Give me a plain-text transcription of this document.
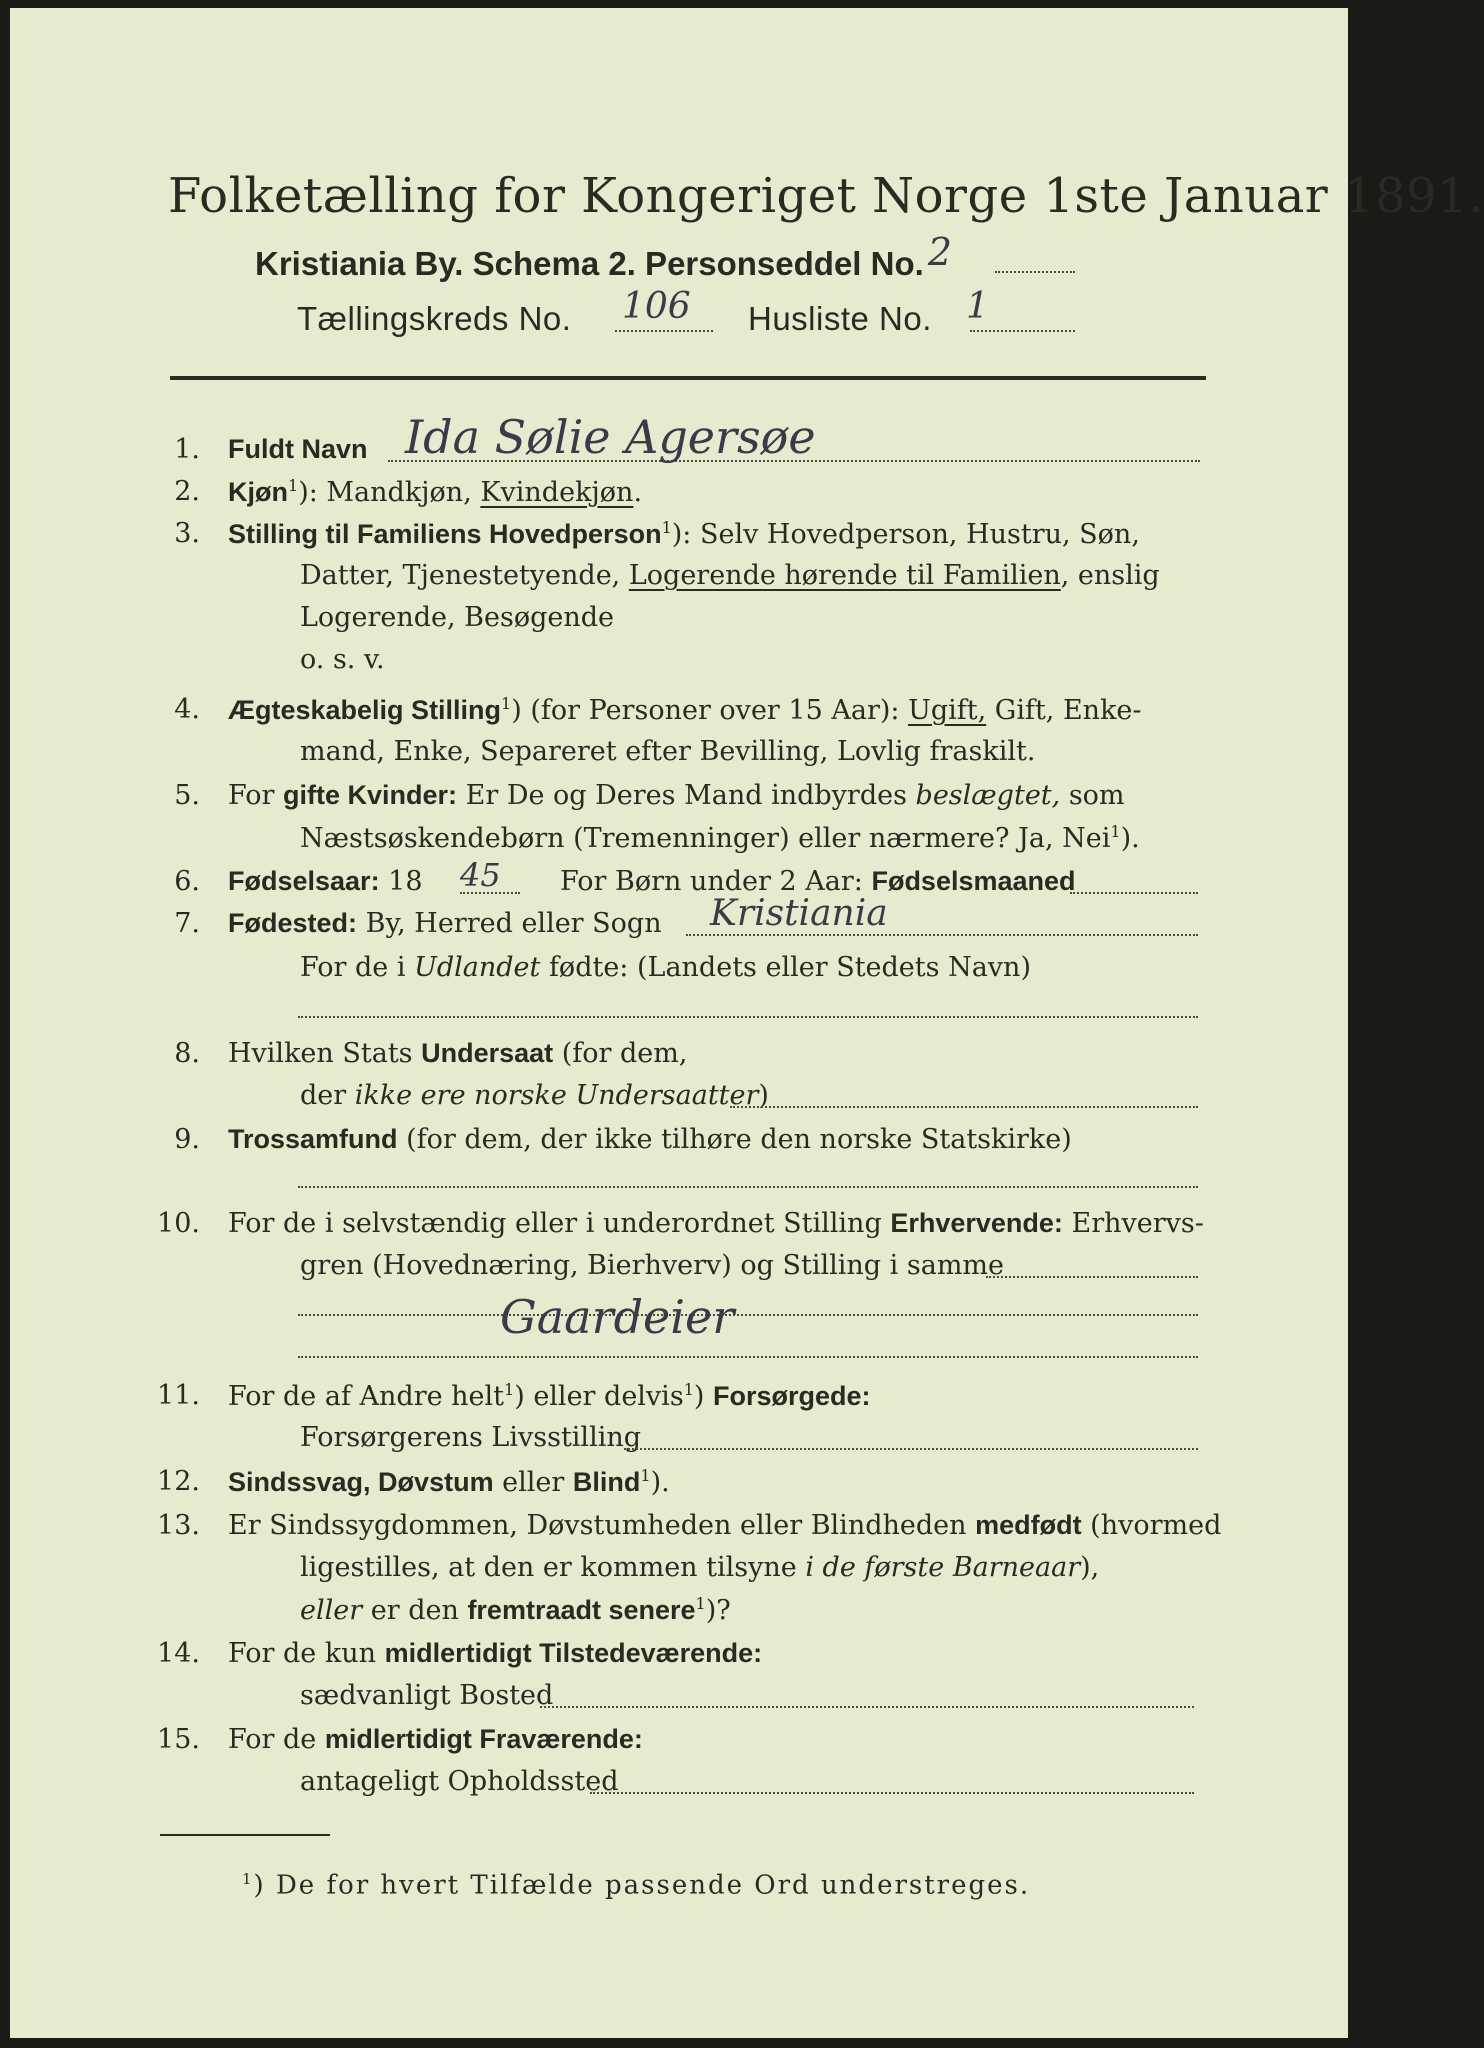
Folketælling for Kongeriget Norge 1ste Januar 1891.
Kristiania By. Schema 2. Personseddel No. 2
Tællingskreds No. 106 Husliste No. 1
1. Fuldt Navn Ida Sølie Agersøe
2. Kjøn$^1$): Mandkjøn, Kvindekjøn.
3. Stilling til Familiens Hovedperson$^1$): Selv Hovedperson, Hustru, Søn,
Datter, Tjenestetyende, Logerende hørende til Familien, enslig
Logerende, Besøgende
o. s. v.
4. Ægteskabelig Stilling$^1$) (for Personer over 15 Aar): Ugift, Gift, Enke-
mand, Enke, Separeret efter Bevilling, Lovlig fraskilt.
5. For gifte Kvinder: Er De og Deres Mand indbyrdes beslægtet, som
Næstsøskendebørn (Tremenninger) eller nærmere? Ja, Nei$^1$).
6. Fødselsaar: 18 45 For Børn under 2 Aar: Fødselsmaaned
7. Fødested: By, Herred eller Sogn Kristiania
For de i Udlandet fødte: (Landets eller Stedets Navn)
8. Hvilken Stats Undersaat (for dem,
der ikke ere norske Undersaatter)
9. Trossamfund (for dem, der ikke tilhøre den norske Statskirke)
10. For de i selvstændig eller i underordnet Stilling Erhvervende: Erhvervs-
gren (Hovednæring, Bierhverv) og Stilling i samme
Gaardeier
11. For de af Andre helt$^1$) eller delvis$^1$) Forsørgede:
Forsørgerens Livsstilling
12. Sindssvag, Døvstum eller Blind$^1$).
13. Er Sindssygdommen, Døvstumheden eller Blindheden medfødt (hvormed
ligestilles, at den er kommen tilsyne i de første Barneaar),
eller er den fremtraadt senere$^1$)?
14. For de kun midlertidigt Tilstedeværende:
sædvanligt Bosted
15. For de midlertidigt Fraværende:
antageligt Opholdssted
$^1$) De for hvert Tilfælde passende Ord understreges.
